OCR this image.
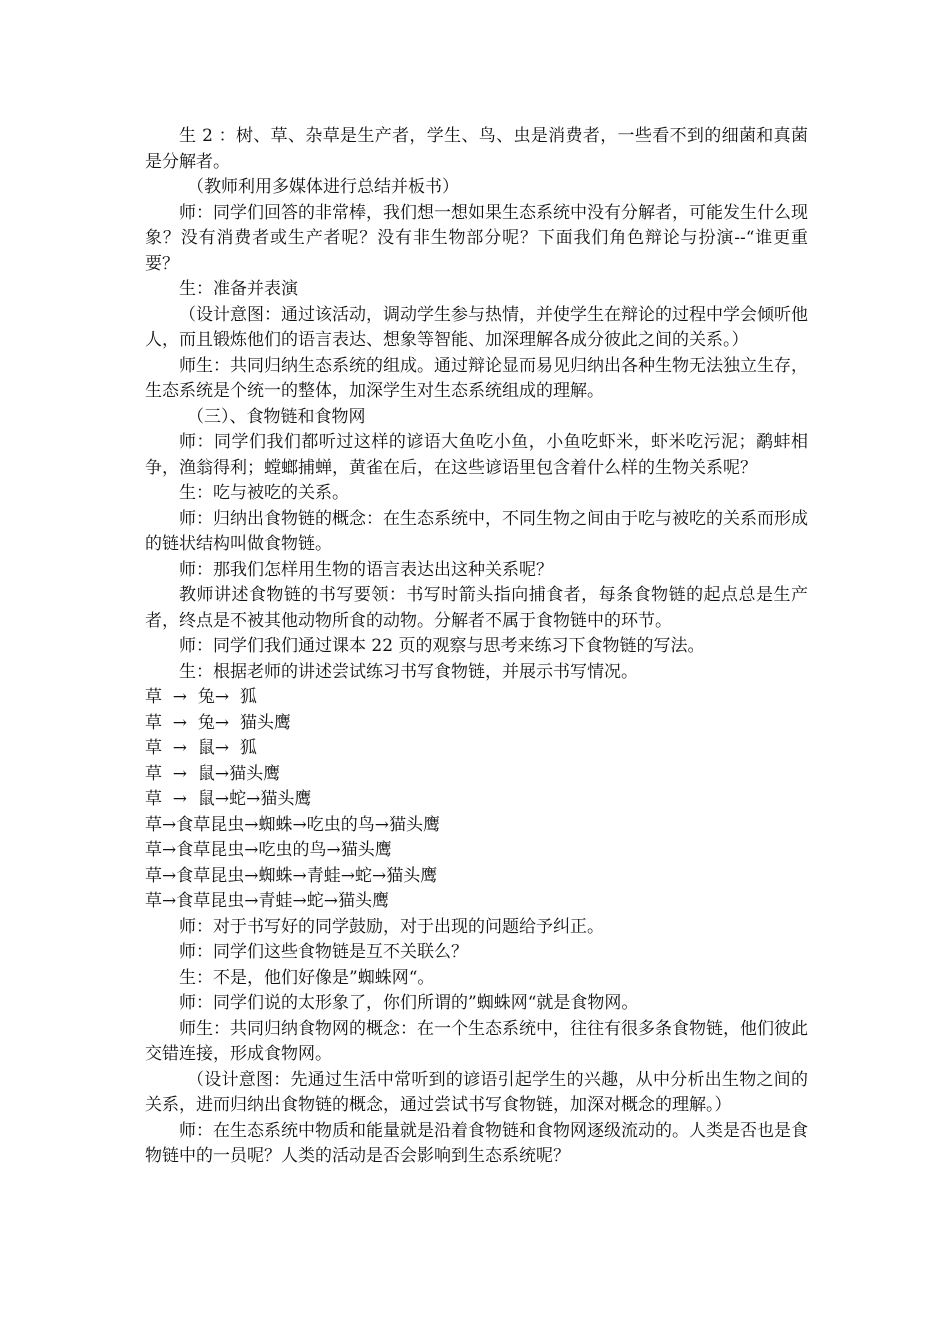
生 2 ：树、草、杂草是生产者，学生、鸟、虫是消费者，一些看不到的细菌和真菌是分解者。

（教师利用多媒体进行总结并板书）

师：同学们回答的非常棒，我们想一想如果生态系统中没有分解者，可能发生什么现象？没有消费者或生产者呢？没有非生物部分呢？下面我们角色辩论与扮演--“谁更重要？

生：准备并表演

（设计意图：通过该活动，调动学生参与热情，并使学生在辩论的过程中学会倾听他人，而且锻炼他们的语言表达、想象等智能、加深理解各成分彼此之间的关系。）

师生：共同归纳生态系统的组成。通过辩论显而易见归纳出各种生物无法独立生存，生态系统是个统一的整体，加深学生对生态系统组成的理解。

（三）、食物链和食物网

师：同学们我们都听过这样的谚语大鱼吃小鱼，小鱼吃虾米，虾米吃污泥；鹬蚌相争，渔翁得利；螳螂捕蝉，黄雀在后，在这些谚语里包含着什么样的生物关系呢？

生：吃与被吃的关系。

师：归纳出食物链的概念：在生态系统中，不同生物之间由于吃与被吃的关系而形成的链状结构叫做食物链。

师：那我们怎样用生物的语言表达出这种关系呢？

教师讲述食物链的书写要领：书写时箭头指向捕食者，每条食物链的起点总是生产者，终点是不被其他动物所食的动物。分解者不属于食物链中的环节。

师：同学们我们通过课本 22 页的观察与思考来练习下食物链的写法。

生：根据老师的讲述尝试练习书写食物链，并展示书写情况。

草  →  兔→  狐

草  →  兔→  猫头鹰

草  →  鼠→  狐

草  →  鼠→猫头鹰

草  →  鼠→蛇→猫头鹰

草→食草昆虫→蜘蛛→吃虫的鸟→猫头鹰

草→食草昆虫→吃虫的鸟→猫头鹰

草→食草昆虫→蜘蛛→青蛙→蛇→猫头鹰

草→食草昆虫→青蛙→蛇→猫头鹰

师：对于书写好的同学鼓励，对于出现的问题给予纠正。

师：同学们这些食物链是互不关联么？

生：不是，他们好像是”蜘蛛网“。

师：同学们说的太形象了，你们所谓的”蜘蛛网“就是食物网。

师生：共同归纳食物网的概念：在一个生态系统中，往往有很多条食物链，他们彼此交错连接，形成食物网。

（设计意图：先通过生活中常听到的谚语引起学生的兴趣，从中分析出生物之间的关系，进而归纳出食物链的概念，通过尝试书写食物链，加深对概念的理解。）

师：在生态系统中物质和能量就是沿着食物链和食物网逐级流动的。人类是否也是食物链中的一员呢？人类的活动是否会影响到生态系统呢？
